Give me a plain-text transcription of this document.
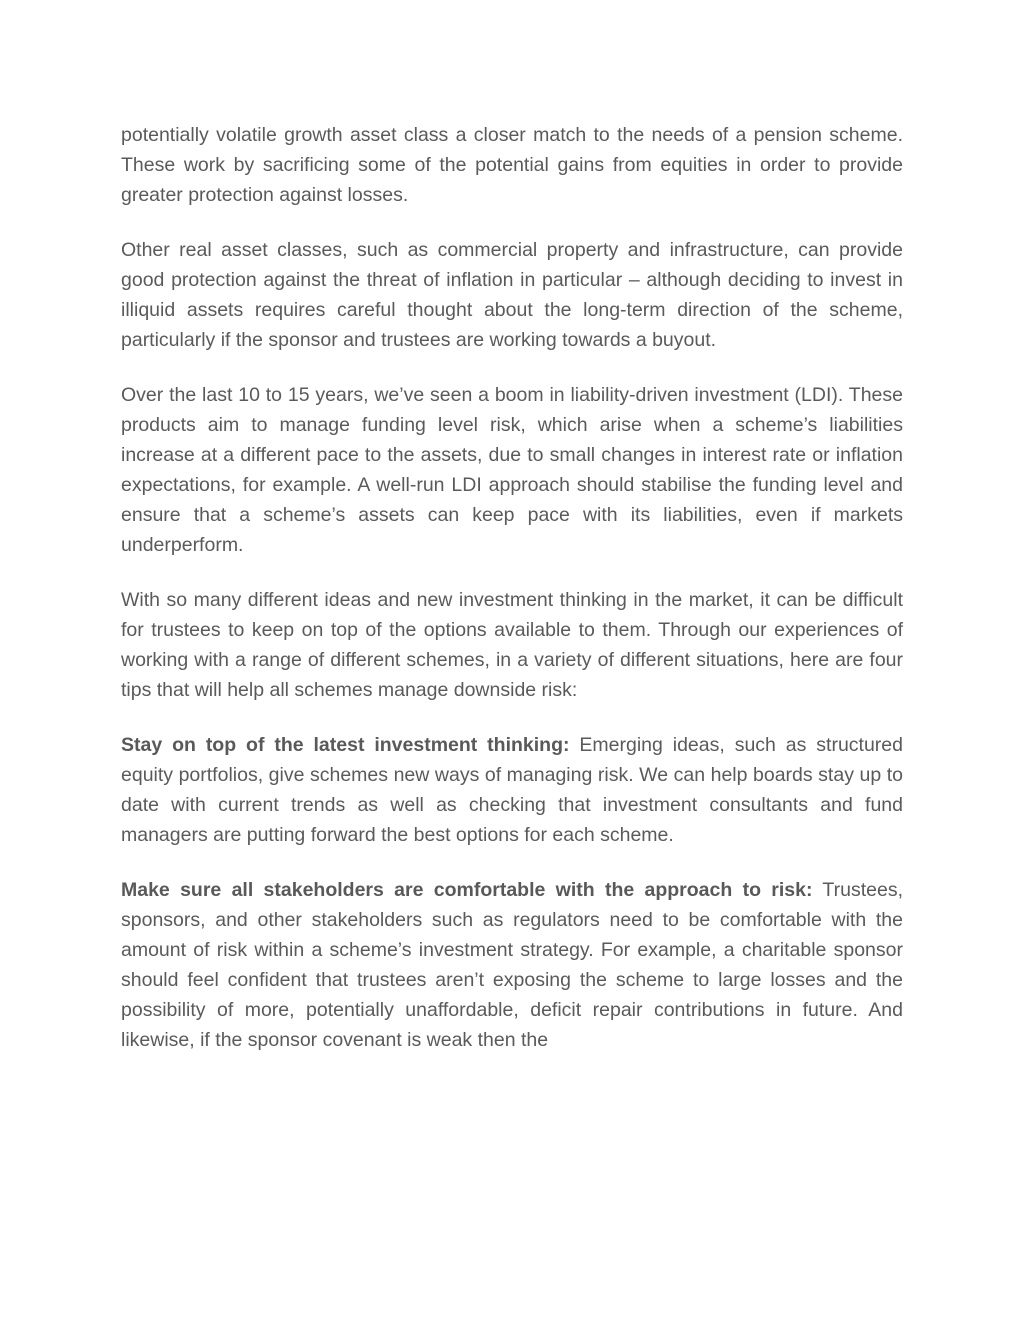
potentially volatile growth asset class a closer match to the needs of a pension scheme. These work by sacrificing some of the potential gains from equities in order to provide greater protection against losses.

Other real asset classes, such as commercial property and infrastructure, can provide good protection against the threat of inflation in particular – although deciding to invest in illiquid assets requires careful thought about the long-term direction of the scheme, particularly if the sponsor and trustees are working towards a buyout.

Over the last 10 to 15 years, we’ve seen a boom in liability-driven investment (LDI). These products aim to manage funding level risk, which arise when a scheme’s liabilities increase at a different pace to the assets, due to small changes in interest rate or inflation expectations, for example. A well-run LDI approach should stabilise the funding level and ensure that a scheme’s assets can keep pace with its liabilities, even if markets underperform.

With so many different ideas and new investment thinking in the market, it can be difficult for trustees to keep on top of the options available to them. Through our experiences of working with a range of different schemes, in a variety of different situations, here are four tips that will help all schemes manage downside risk:

Stay on top of the latest investment thinking: Emerging ideas, such as structured equity portfolios, give schemes new ways of managing risk. We can help boards stay up to date with current trends as well as checking that investment consultants and fund managers are putting forward the best options for each scheme.

Make sure all stakeholders are comfortable with the approach to risk: Trustees, sponsors, and other stakeholders such as regulators need to be comfortable with the amount of risk within a scheme’s investment strategy. For example, a charitable sponsor should feel confident that trustees aren’t exposing the scheme to large losses and the possibility of more, potentially unaffordable, deficit repair contributions in future. And likewise, if the sponsor covenant is weak then the
